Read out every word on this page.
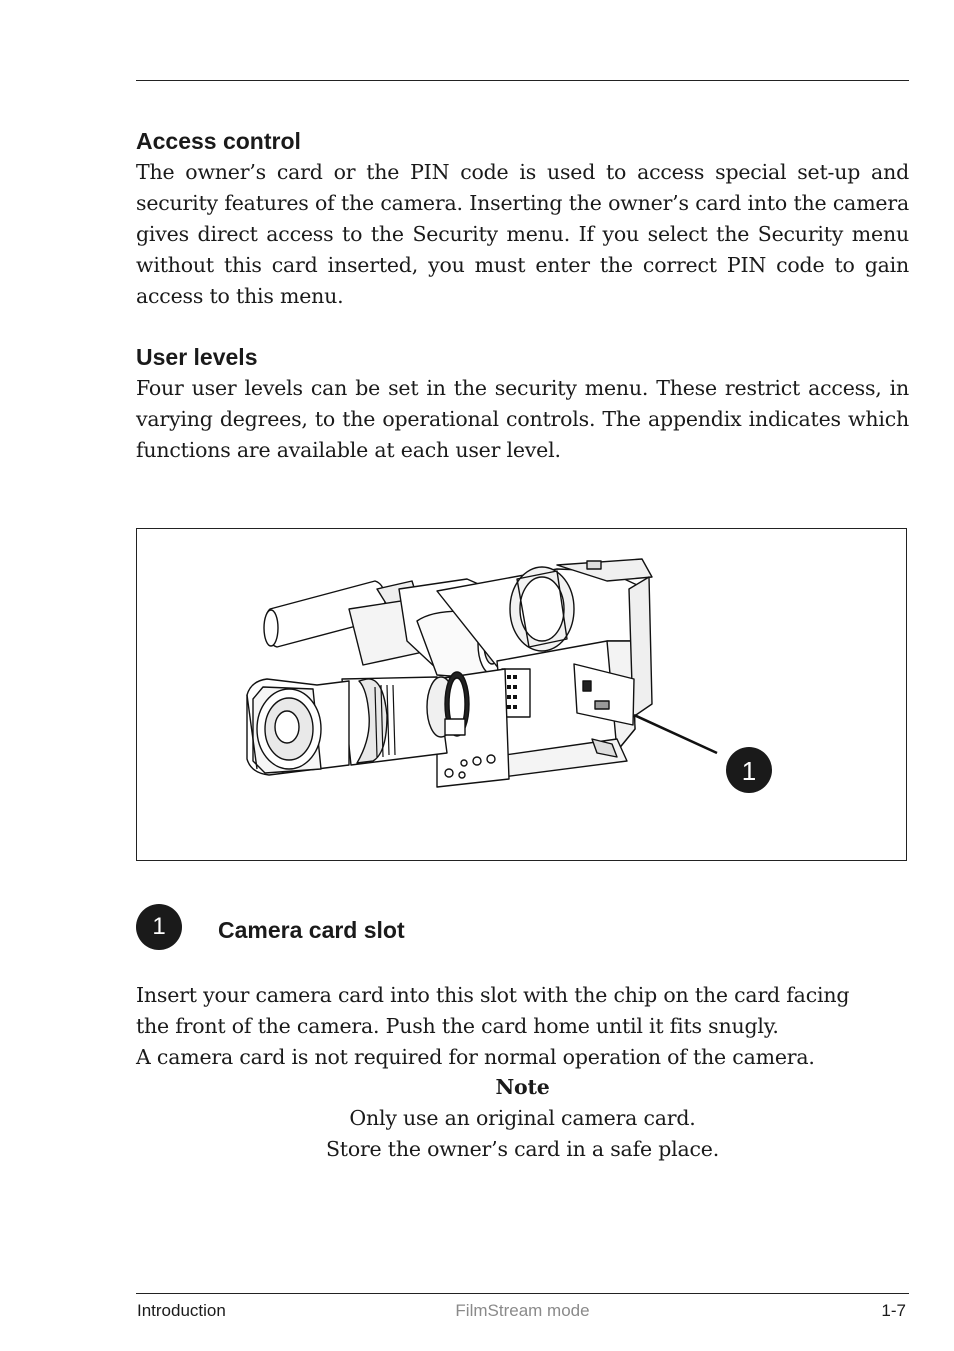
Access control

The owner’s card or the PIN code is used to access special set-up and security features of the camera. Inserting the owner’s card into the camera gives direct access to the Security menu. If you select the Security menu without this card inserted, you must enter the correct PIN code to gain access to this menu.

User levels

Four user levels can be set in the security menu. These restrict access, in varying degrees, to the operational controls. The appendix indicates which functions are available at each user level.

1
1	Camera card slot
Insert your camera card into this slot with the chip on the card facing
the front of the camera. Push the card home until it fits snugly.
A camera card is not required for normal operation of the camera.
Note
Only use an original camera card.
Store the owner’s card in a safe place.
Introduction	FilmStream mode	1-7
